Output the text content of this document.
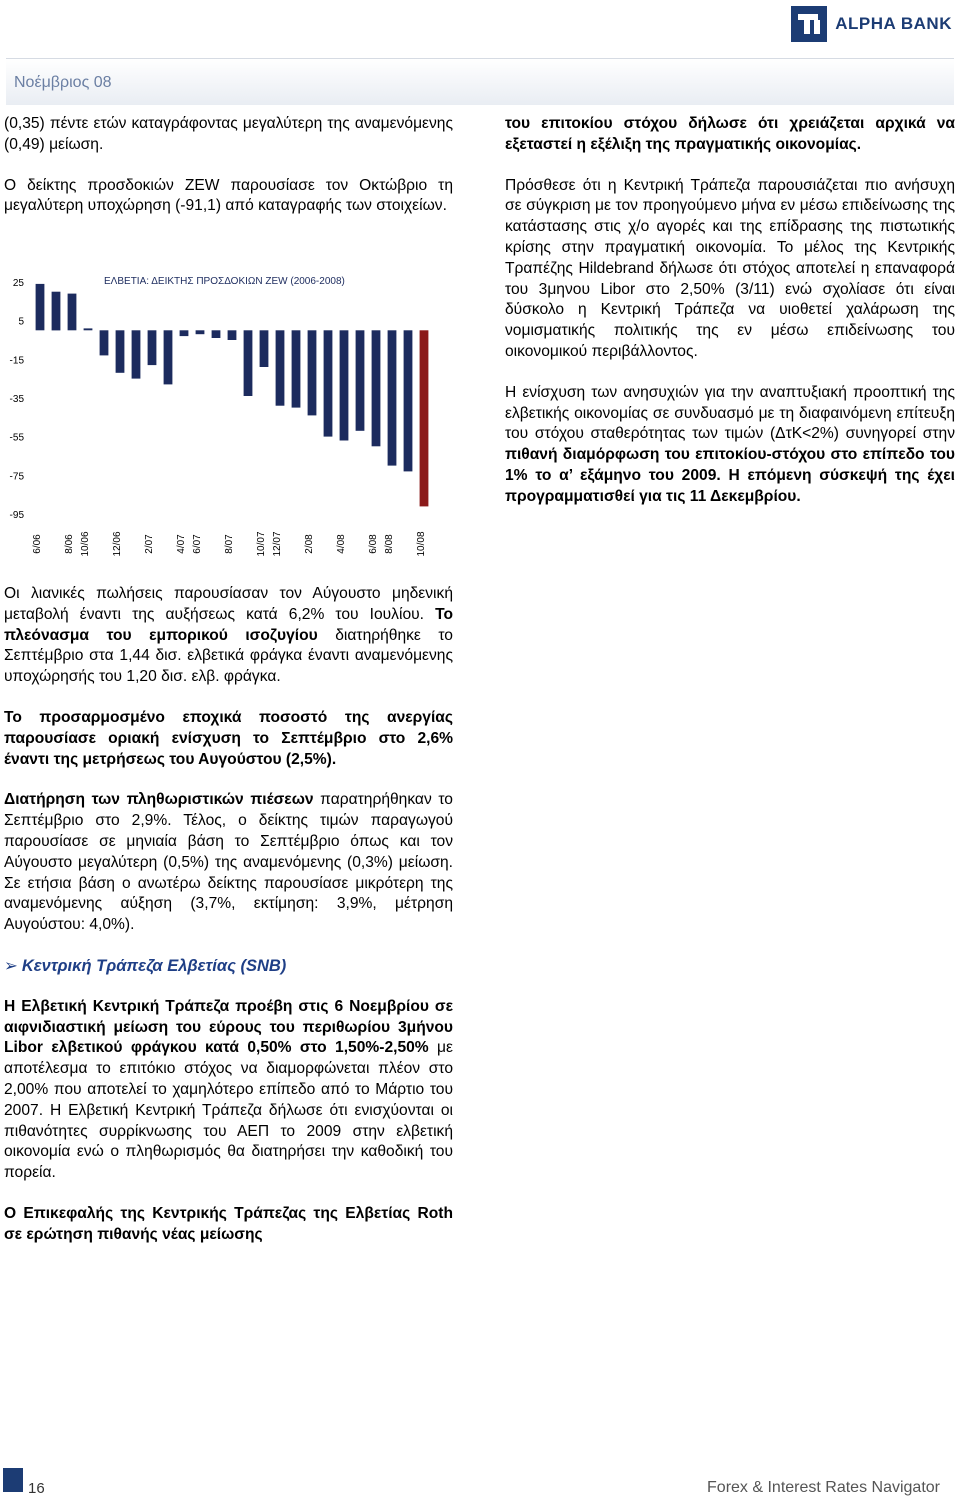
ALPHA BANK
Νοέμβριος 08

(0,35) πέντε ετών καταγράφοντας μεγαλύτερη της αναμενόμενης (0,49) μείωση.

Ο δείκτης προσδοκιών ZEW παρουσίασε τον Οκτώβριο τη μεγαλύτερη υποχώρηση (-91,1) από καταγραφής των στοιχείων.

ΕΛΒΕΤΙΑ: ΔΕΙΚΤΗΣ ΠΡΟΣΔΟΚΙΩΝ ZEW (2006-2008)
25
5
-15
-35
-55
-75
-95
6/06 8/06 10/06 12/06 2/07 4/07 6/07 8/07 10/07 12/07 2/08 4/08 6/08 8/08 10/08

Οι λιανικές πωλήσεις παρουσίασαν τον Αύγουστο μηδενική μεταβολή έναντι της αυξήσεως κατά 6,2% του Ιουλίου. Το πλεόνασμα του εμπορικού ισοζυγίου διατηρήθηκε το Σεπτέμβριο στα 1,44 δισ. ελβετικά φράγκα έναντι αναμενόμενης υποχώρησής του 1,20 δισ. ελβ. φράγκα.

Το προσαρμοσμένο εποχικά ποσοστό της ανεργίας παρουσίασε οριακή ενίσχυση το Σεπτέμβριο στο 2,6% έναντι της μετρήσεως του Αυγούστου (2,5%).

Διατήρηση των πληθωριστικών πιέσεων παρατηρήθηκαν το Σεπτέμβριο στο 2,9%. Τέλος, ο δείκτης τιμών παραγωγού παρουσίασε σε μηνιαία βάση το Σεπτέμβριο όπως και τον Αύγουστο μεγαλύτερη (0,5%) της αναμενόμενης (0,3%) μείωση. Σε ετήσια βάση ο ανωτέρω δείκτης παρουσίασε μικρότερη της αναμενόμενης αύξηση (3,7%, εκτίμηση: 3,9%, μέτρηση Αυγούστου: 4,0%).

➢ Κεντρική Τράπεζα Ελβετίας (SNB)

Η Ελβετική Κεντρική Τράπεζα προέβη στις 6 Νοεμβρίου σε αιφνιδιαστική μείωση του εύρους του περιθωρίου 3μήνου Libor ελβετικού φράγκου κατά 0,50% στο 1,50%-2,50% με αποτέλεσμα το επιτόκιο στόχος να διαμορφώνεται πλέον στο 2,00% που αποτελεί το χαμηλότερο επίπεδο από το Μάρτιο του 2007. Η Ελβετική Κεντρική Τράπεζα δήλωσε ότι ενισχύονται οι πιθανότητες συρρίκνωσης του ΑΕΠ το 2009 στην ελβετική οικονομία ενώ ο πληθωρισμός θα διατηρήσει την καθοδική του πορεία.

Ο Επικεφαλής της Κεντρικής Τράπεζας της Ελβετίας Roth σε ερώτηση πιθανής νέας μείωσης

του επιτοκίου στόχου δήλωσε ότι χρειάζεται αρχικά να εξεταστεί η εξέλιξη της πραγματικής οικονομίας.

Πρόσθεσε ότι η Κεντρική Τράπεζα παρουσιάζεται πιο ανήσυχη σε σύγκριση με τον προηγούμενο μήνα εν μέσω επιδείνωσης της κατάστασης στις χ/ο αγορές και της επίδρασης της πιστωτικής κρίσης στην πραγματική οικονομία. Το μέλος της Κεντρικής Τραπέζης Hildebrand δήλωσε ότι στόχος αποτελεί η επαναφορά του 3μηνου Libor στο 2,50% (3/11) ενώ σχολίασε ότι είναι δύσκολο η Κεντρική Τράπεζα να υιοθετεί χαλάρωση της νομισματικής πολιτικής της εν μέσω επιδείνωσης του οικονομικού περιβάλλοντος.

Η ενίσχυση των ανησυχιών για την αναπτυξιακή προοπτική της ελβετικής οικονομίας σε συνδυασμό με τη διαφαινόμενη επίτευξη του στόχου σταθερότητας των τιμών (ΔτΚ<2%) συνηγορεί στην πιθανή διαμόρφωση του επιτοκίου-στόχου στο επίπεδο του 1% το α’ εξάμηνο του 2009. Η επόμενη σύσκεψή της έχει προγραμματισθεί για τις 11 Δεκεμβρίου.

16	Forex & Interest Rates Navigator
